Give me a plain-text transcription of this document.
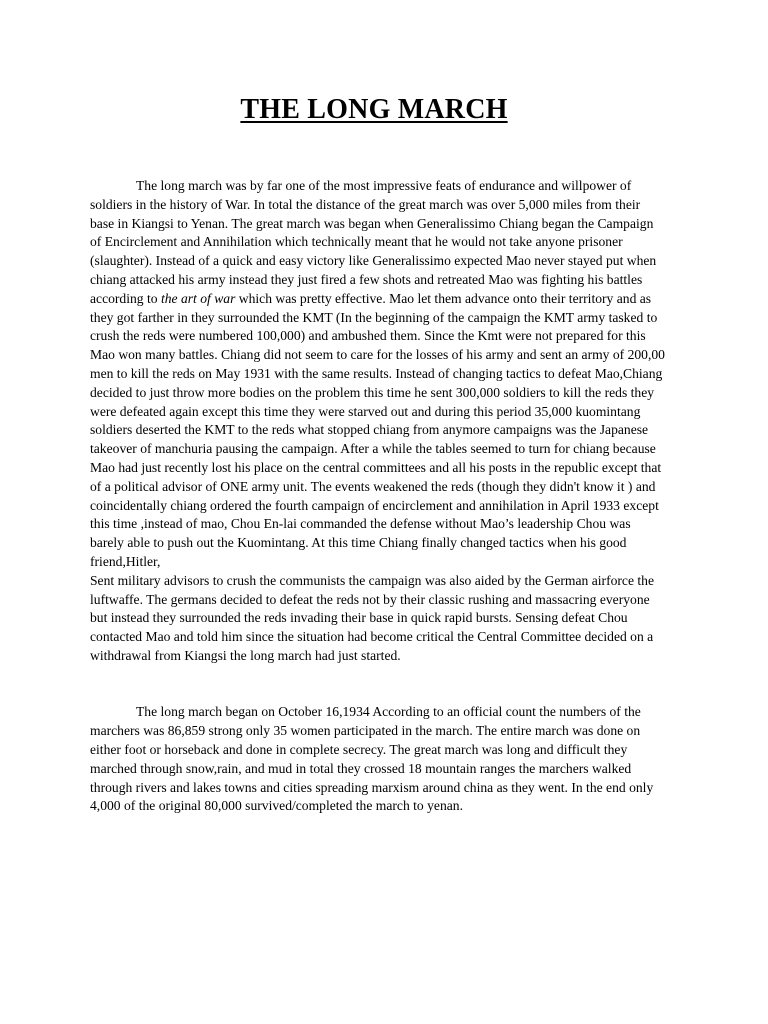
THE LONG MARCH
The long march was by far one of the most impressive feats of endurance and willpower of
soldiers in the history of War. In total the distance of the great march was over 5,000 miles from their
base in Kiangsi to Yenan. The great march was began when Generalissimo Chiang began the Campaign
of Encirclement and Annihilation which technically meant that he would not take anyone prisoner
(slaughter). Instead of a quick and easy victory like Generalissimo expected Mao never stayed put when
chiang attacked his army instead they just fired a few shots and retreated Mao was fighting his battles
according to the art of war which was pretty effective. Mao let them advance onto their territory and as
they got farther in they surrounded the KMT (In the beginning of the campaign the KMT army tasked to
crush the reds were numbered 100,000) and ambushed them. Since the Kmt were not prepared for this
Mao won many battles. Chiang did not seem to care for the losses of his army and sent an army of 200,00
men to kill the reds on May 1931 with the same results. Instead of changing tactics to defeat Mao,Chiang
decided to just throw more bodies on the problem this time he sent 300,000 soldiers to kill the reds they
were defeated again except this time they were starved out and during this period 35,000 kuomintang
soldiers deserted the KMT to the reds what stopped chiang from anymore campaigns was the Japanese
takeover of manchuria pausing the campaign. After a while the tables seemed to turn for chiang because
Mao had just recently lost his place on the central committees and all his posts in the republic except that
of a political advisor of ONE army unit. The events weakened the reds (though they didn't know it ) and
coincidentally chiang ordered the fourth campaign of encirclement and annihilation in April 1933 except
this time ,instead of mao, Chou En-lai commanded the defense without Mao’s leadership Chou was
barely able to push out the Kuomintang. At this time Chiang finally changed tactics when his good
friend,Hitler,
Sent military advisors to crush the communists the campaign was also aided by the German airforce the
luftwaffe. The germans decided to defeat the reds not by their classic rushing and massacring everyone
but instead they surrounded the reds invading their base in quick rapid bursts. Sensing defeat Chou
contacted Mao and told him since the situation had become critical the Central Committee decided on a
withdrawal from Kiangsi the long march had just started.
The long march began on October 16,1934 According to an official count the numbers of the
marchers was 86,859 strong only 35 women participated in the march. The entire march was done on
either foot or horseback and done in complete secrecy. The great march was long and difficult they
marched through snow,rain, and mud in total they crossed 18 mountain ranges the marchers walked
through rivers and lakes towns and cities spreading marxism around china as they went. In the end only
4,000 of the original 80,000 survived/completed the march to yenan.
